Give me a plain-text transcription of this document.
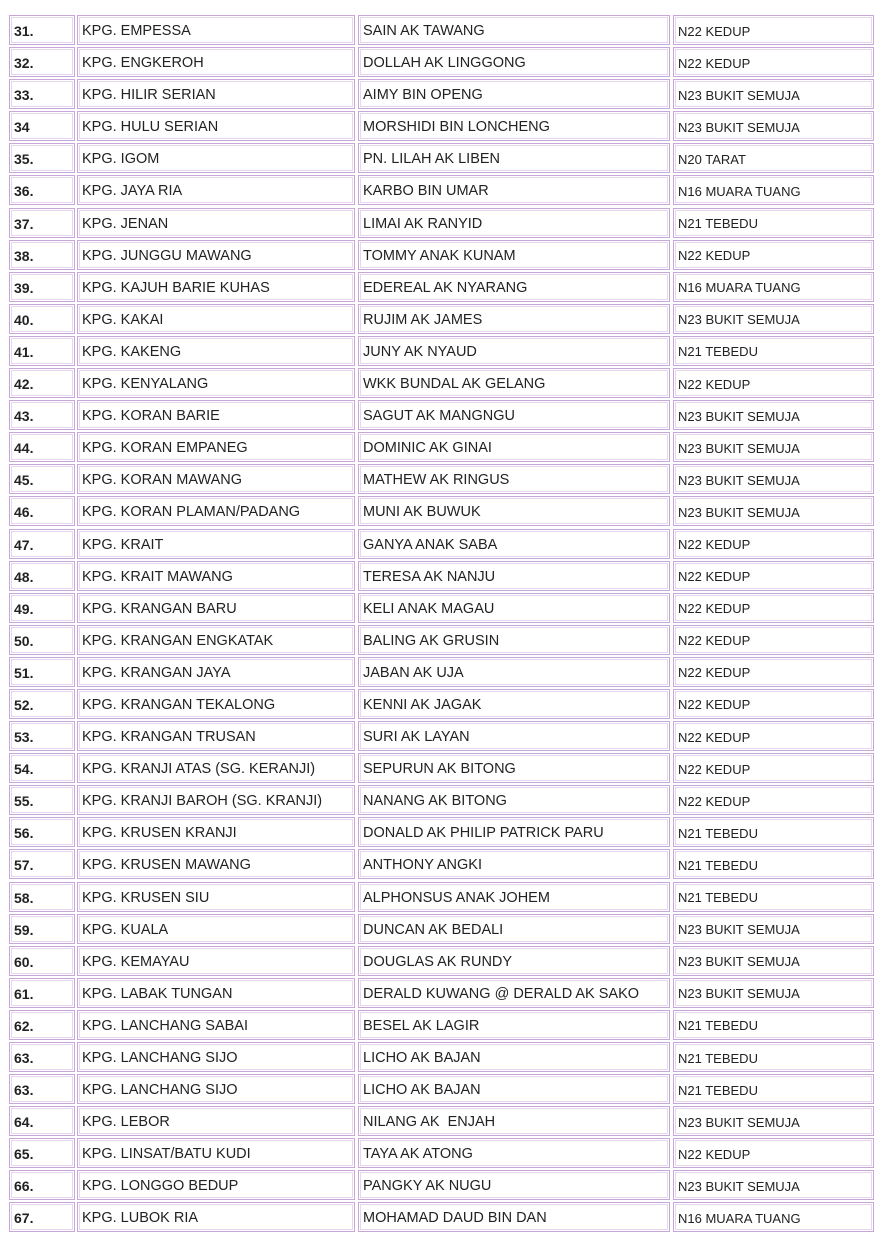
31.	KPG. EMPESSA	SAIN AK TAWANG	N22 KEDUP
32.	KPG. ENGKEROH	DOLLAH AK LINGGONG	N22 KEDUP
33.	KPG. HILIR SERIAN	AIMY BIN OPENG	N23 BUKIT SEMUJA
34	KPG. HULU SERIAN	MORSHIDI BIN LONCHENG	N23 BUKIT SEMUJA
35.	KPG. IGOM	PN. LILAH AK LIBEN	N20 TARAT
36.	KPG. JAYA RIA	KARBO BIN UMAR	N16 MUARA TUANG
37.	KPG. JENAN	LIMAI AK RANYID	N21 TEBEDU
38.	KPG. JUNGGU MAWANG	TOMMY ANAK KUNAM	N22 KEDUP
39.	KPG. KAJUH BARIE KUHAS	EDEREAL AK NYARANG	N16 MUARA TUANG
40.	KPG. KAKAI	RUJIM AK JAMES	N23 BUKIT SEMUJA
41.	KPG. KAKENG	JUNY AK NYAUD	N21 TEBEDU
42.	KPG. KENYALANG	WKK BUNDAL AK GELANG	N22 KEDUP
43.	KPG. KORAN BARIE	SAGUT AK MANGNGU	N23 BUKIT SEMUJA
44.	KPG. KORAN EMPANEG	DOMINIC AK GINAI	N23 BUKIT SEMUJA
45.	KPG. KORAN MAWANG	MATHEW AK RINGUS	N23 BUKIT SEMUJA
46.	KPG. KORAN PLAMAN/PADANG	MUNI AK BUWUK	N23 BUKIT SEMUJA
47.	KPG. KRAIT	GANYA ANAK SABA	N22 KEDUP
48.	KPG. KRAIT MAWANG	TERESA AK NANJU	N22 KEDUP
49.	KPG. KRANGAN BARU	KELI ANAK MAGAU	N22 KEDUP
50.	KPG. KRANGAN ENGKATAK	BALING AK GRUSIN	N22 KEDUP
51.	KPG. KRANGAN JAYA	JABAN AK UJA	N22 KEDUP
52.	KPG. KRANGAN TEKALONG	KENNI AK JAGAK	N22 KEDUP
53.	KPG. KRANGAN TRUSAN	SURI AK LAYAN	N22 KEDUP
54.	KPG. KRANJI ATAS (SG. KERANJI)	SEPURUN AK BITONG	N22 KEDUP
55.	KPG. KRANJI BAROH (SG. KRANJI)	NANANG AK BITONG	N22 KEDUP
56.	KPG. KRUSEN KRANJI	DONALD AK PHILIP PATRICK PARU	N21 TEBEDU
57.	KPG. KRUSEN MAWANG	ANTHONY ANGKI	N21 TEBEDU
58.	KPG. KRUSEN SIU	ALPHONSUS ANAK JOHEM	N21 TEBEDU
59.	KPG. KUALA	DUNCAN AK BEDALI	N23 BUKIT SEMUJA
60.	KPG. KEMAYAU	DOUGLAS AK RUNDY	N23 BUKIT SEMUJA
61.	KPG. LABAK TUNGAN	DERALD KUWANG @ DERALD AK SAKO	N23 BUKIT SEMUJA
62.	KPG. LANCHANG SABAI	BESEL AK LAGIR	N21 TEBEDU
63.	KPG. LANCHANG SIJO	LICHO AK BAJAN	N21 TEBEDU
63.	KPG. LANCHANG SIJO	LICHO AK BAJAN	N21 TEBEDU
64.	KPG. LEBOR	NILANG AK  ENJAH	N23 BUKIT SEMUJA
65.	KPG. LINSAT/BATU KUDI	TAYA AK ATONG	N22 KEDUP
66.	KPG. LONGGO BEDUP	PANGKY AK NUGU	N23 BUKIT SEMUJA
67.	KPG. LUBOK RIA	MOHAMAD DAUD BIN DAN	N16 MUARA TUANG
